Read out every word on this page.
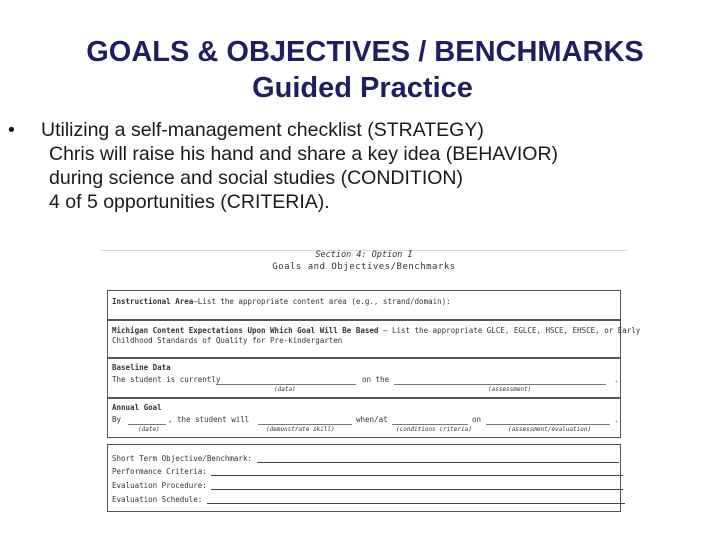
GOALS & OBJECTIVES / BENCHMARKS
Guided Practice
• Utilizing a self-management checklist (STRATEGY)
Chris will raise his hand and share a key idea (BEHAVIOR)
during science and social studies (CONDITION)
4 of 5 opportunities (CRITERIA).
Section 4: Option I
Goals and Objectives/Benchmarks
Instructional Area—List the appropriate content area (e.g., strand/domain):
Michigan Content Expectations Upon Which Goal Will Be Based – List the appropriate GLCE, EGLCE, HSCE, EHSCE, or Early
Childhood Standards of Quality for Pre-kindergarten
Baseline Data
The student is currently	on the	.
(data)	(assessment)
Annual Goal
By	, the student will	when/at	on	.
(date)	(demonstrate skill)	(conditions criteria)	(assessment/evaluation)
Short Term Objective/Benchmark:
Performance Criteria:
Evaluation Procedure:
Evaluation Schedule:
